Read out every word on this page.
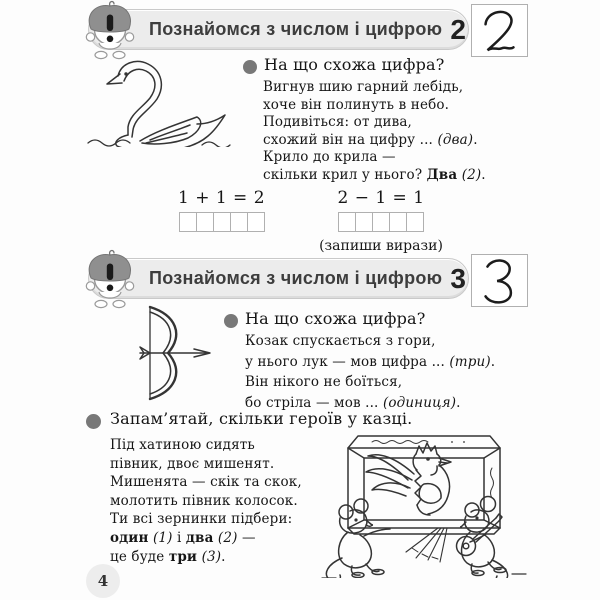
Познайомся з числом і цифрою 2
На що схожа цифра?
Вигнув шию гарний лебідь,
хоче він полинуть в небо.
Подивіться: от дива,
схожий він на цифру ... (два).
Крило до крила —
скільки крил у нього? Два (2).
1 + 1 = 2	2 − 1 = 1
(запиши вирази)
Познайомся з числом і цифрою 3
На що схожа цифра?
Козак спускається з гори,
у нього лук — мов цифра ... (три).
Він нікого не боїться,
бо стріла — мов ... (одиниця).
Запам’ятай, скільки героїв у казці.
Під хатиною сидять
півник, двоє мишенят.
Мишенята — скік та скок,
молотить півник колосок.
Ти всі зернинки підбери:
один (1) і два (2) —
це буде три (3).
4
